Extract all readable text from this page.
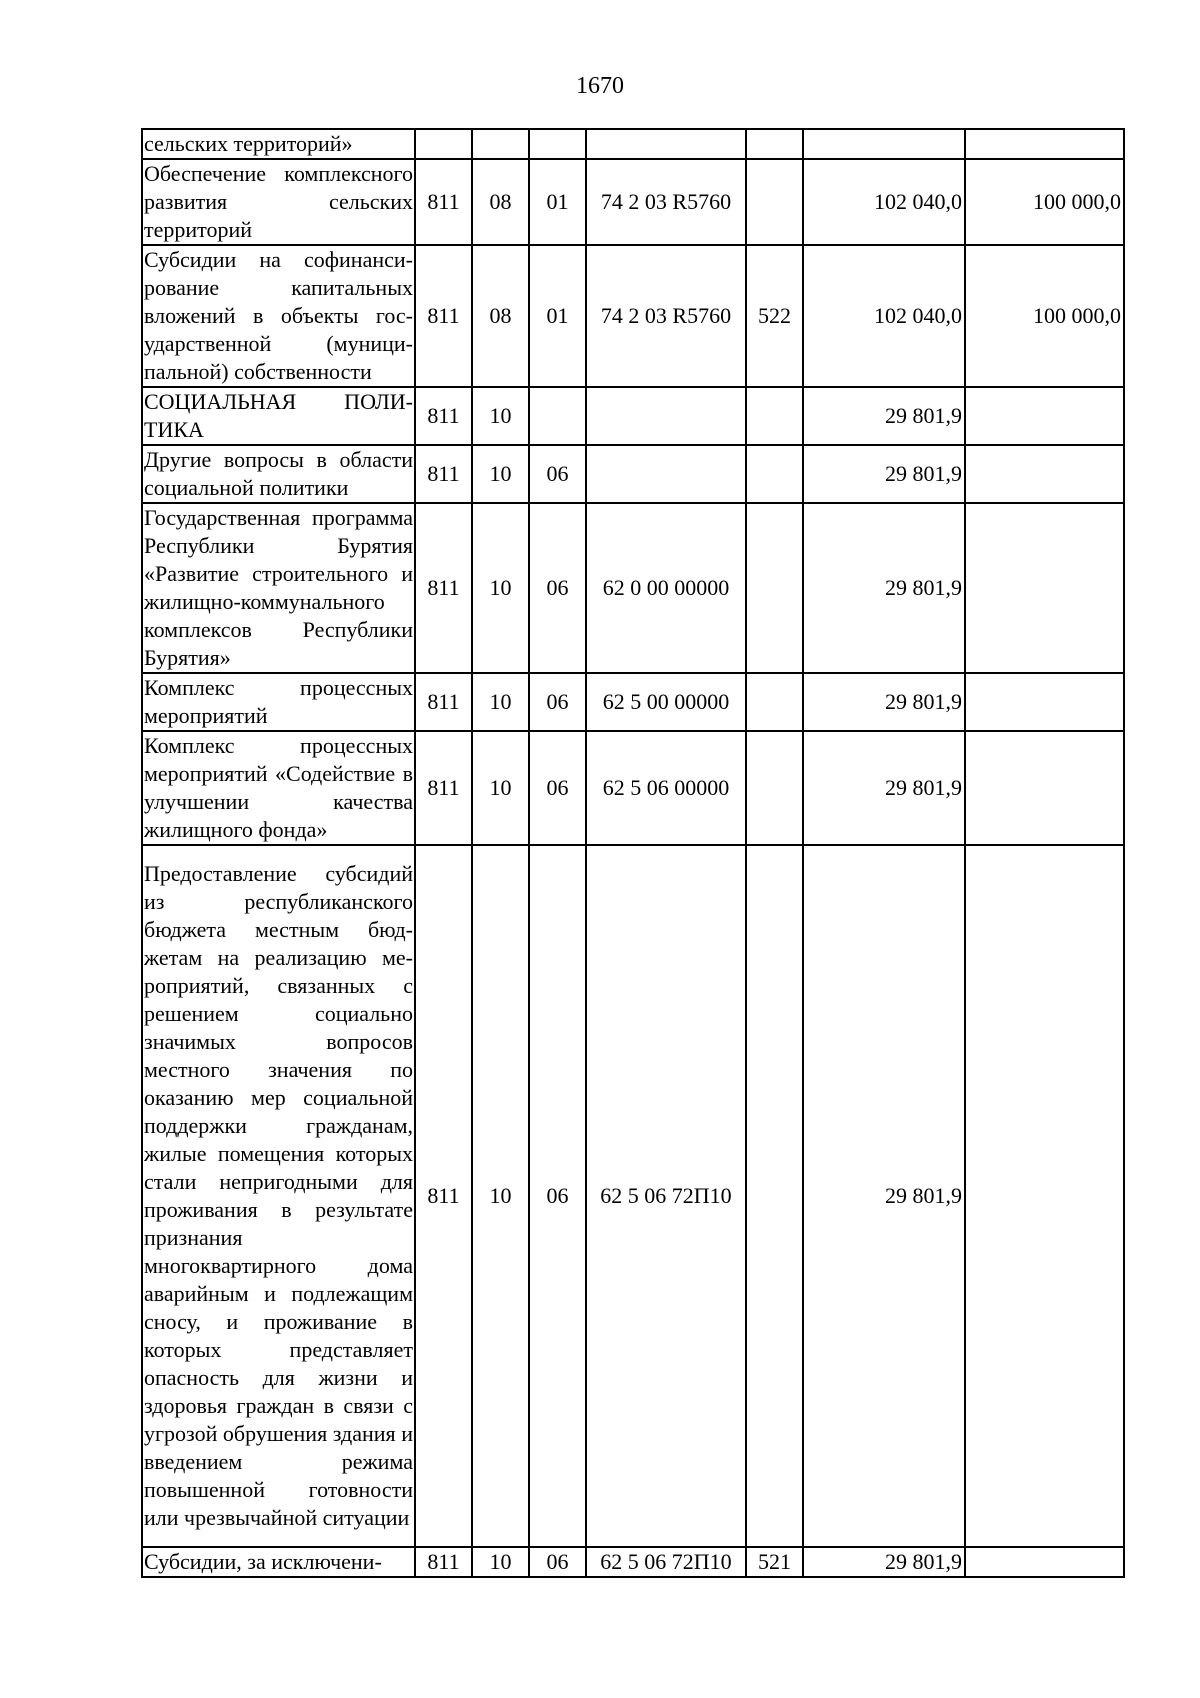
1670
сельских территорий»							
Обеспечение комплексного развития сельских территорий	811	08	01	74 2 03 R5760		102 040,0	100 000,0
Субсидии на софинансирование капитальных вложений в объекты государственной (муниципальной) собственности	811	08	01	74 2 03 R5760	522	102 040,0	100 000,0
СОЦИАЛЬНАЯ ПОЛИТИКА	811	10				29 801,9	
Другие вопросы в области социальной политики	811	10	06			29 801,9	
Государственная программа Республики Бурятия «Развитие строительного и жилищно-коммунального комплексов Республики Бурятия»	811	10	06	62 0 00 00000		29 801,9	
Комплекс процессных мероприятий	811	10	06	62 5 00 00000		29 801,9	
Комплекс процессных мероприятий «Содействие в улучшении качества жилищного фонда»	811	10	06	62 5 06 00000		29 801,9	
Предоставление субсидий из республиканского бюджета местным бюджетам на реализацию мероприятий, связанных с решением социально значимых вопросов местного значения по оказанию мер социальной поддержки гражданам, жилые помещения которых стали непригодными для проживания в результате признания многоквартирного дома аварийным и подлежащим сносу, и проживание в которых представляет опасность для жизни и здоровья граждан в связи с угрозой обрушения здания и введением режима повышенной готовности или чрезвычайной ситуации	811	10	06	62 5 06 72П10		29 801,9	
Субсидии, за исключени-	811	10	06	62 5 06 72П10	521	29 801,9	
